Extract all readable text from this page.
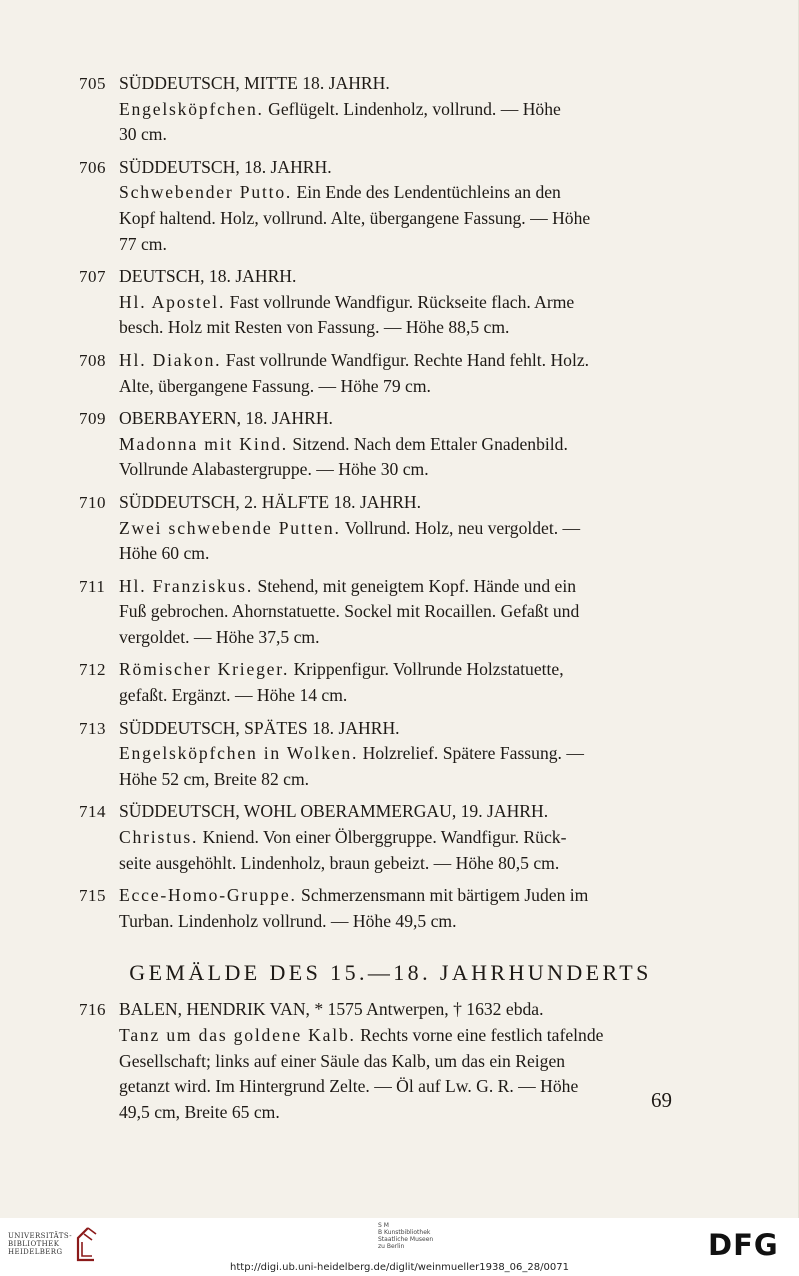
705 SÜDDEUTSCH, MITTE 18. JAHRH.
Engelsköpfchen. Geflügelt. Lindenholz, vollrund. — Höhe
30 cm.
706 SÜDDEUTSCH, 18. JAHRH.
Schwebender Putto. Ein Ende des Lendentüchleins an den
Kopf haltend. Holz, vollrund. Alte, übergangene Fassung. — Höhe
77 cm.
707 DEUTSCH, 18. JAHRH.
Hl. Apostel. Fast vollrunde Wandfigur. Rückseite flach. Arme
besch. Holz mit Resten von Fassung. — Höhe 88,5 cm.
708 Hl. Diakon. Fast vollrunde Wandfigur. Rechte Hand fehlt. Holz.
Alte, übergangene Fassung. — Höhe 79 cm.
709 OBERBAYERN, 18. JAHRH.
Madonna mit Kind. Sitzend. Nach dem Ettaler Gnadenbild.
Vollrunde Alabastergruppe. — Höhe 30 cm.
710 SÜDDEUTSCH, 2. HÄLFTE 18. JAHRH.
Zwei schwebende Putten. Vollrund. Holz, neu vergoldet. —
Höhe 60 cm.
711 Hl. Franziskus. Stehend, mit geneigtem Kopf. Hände und ein
Fuß gebrochen. Ahornstatuette. Sockel mit Rocaillen. Gefaßt und
vergoldet. — Höhe 37,5 cm.
712 Römischer Krieger. Krippenfigur. Vollrunde Holzstatuette,
gefaßt. Ergänzt. — Höhe 14 cm.
713 SÜDDEUTSCH, SPÄTES 18. JAHRH.
Engelsköpfchen in Wolken. Holzrelief. Spätere Fassung. —
Höhe 52 cm, Breite 82 cm.
714 SÜDDEUTSCH, WOHL OBERAMMERGAU, 19. JAHRH.
Christus. Kniend. Von einer Ölberggruppe. Wandfigur. Rück-
seite ausgehöhlt. Lindenholz, braun gebeizt. — Höhe 80,5 cm.
715 Ecce-Homo-Gruppe. Schmerzensmann mit bärtigem Juden im
Turban. Lindenholz vollrund. — Höhe 49,5 cm.
GEMÄLDE DES 15.—18. JAHRHUNDERTS
716 BALEN, HENDRIK VAN, * 1575 Antwerpen, † 1632 ebda.
Tanz um das goldene Kalb. Rechts vorne eine festlich tafelnde
Gesellschaft; links auf einer Säule das Kalb, um das ein Reigen
getanzt wird. Im Hintergrund Zelte. — Öl auf Lw. G. R. — Höhe
49,5 cm, Breite 65 cm.	69
UNIVERSITÄTS-
BIBLIOTHEK
HEIDELBERG
S M
B Kunstbibliothek
Staatliche Museen
zu Berlin	DFG
http://digi.ub.uni-heidelberg.de/diglit/weinmueller1938_06_28/0071
